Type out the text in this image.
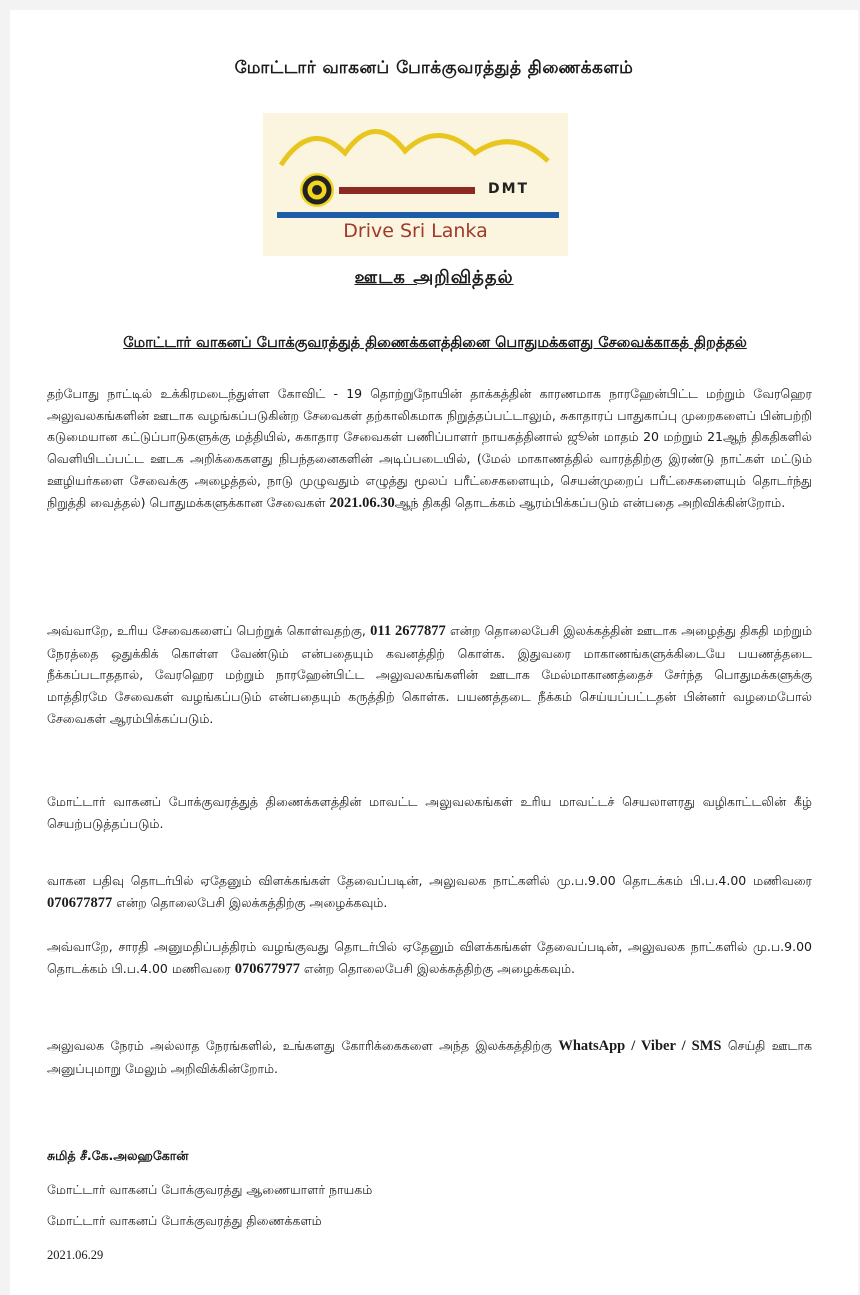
மோட்டார் வாகனப் போக்குவரத்துத் திணைக்களம்
DMT
Drive Sri Lanka
ஊடக அறிவித்தல்
மோட்டார் வாகனப் போக்குவரத்துத் திணைக்களத்தினை பொதுமக்களது சேவைக்காகத் திறத்தல்

தற்போது நாட்டில் உக்கிரமடைந்துள்ள கோவிட் - 19 தொற்றுநோயின் தாக்கத்தின் காரணமாக நாரஹேன்பிட்ட மற்றும் வேரஹெர அலுவலகங்களின் ஊடாக வழங்கப்படுகின்ற சேவைகள் தற்காலிகமாக நிறுத்தப்பட்டாலும், சுகாதாரப் பாதுகாப்பு முறைகளைப் பின்பற்றி கடுமையான கட்டுப்பாடுகளுக்கு மத்தியில், சுகாதார சேவைகள் பணிப்பாளர் நாயகத்தினால் ஜூன் மாதம் 20 மற்றும் 21ஆந் திகதிகளில் வெளியிடப்பட்ட ஊடக அறிக்கைகளது நிபந்தனைகளின் அடிப்படையில், (மேல் மாகாணத்தில் வாரத்திற்கு இரண்டு நாட்கள் மட்டும் ஊழியர்களை சேவைக்கு அழைத்தல், நாடு முழுவதும் எழுத்து மூலப் பரீட்சைகளையும், செயன்முறைப் பரீட்சைகளையும் தொடர்ந்து நிறுத்தி வைத்தல்) பொதுமக்களுக்கான சேவைகள் 2021.06.30ஆந் திகதி தொடக்கம் ஆரம்பிக்கப்படும் என்பதை அறிவிக்கின்றோம்.

அவ்வாறே, உரிய சேவைகளைப் பெற்றுக் கொள்வதற்கு, 011 2677877 என்ற தொலைபேசி இலக்கத்தின் ஊடாக அழைத்து திகதி மற்றும் நேரத்தை ஒதுக்கிக் கொள்ள வேண்டும் என்பதையும் கவனத்திற் கொள்க. இதுவரை மாகாணங்களுக்கிடையே பயணத்தடை நீக்கப்படாததால், வேரஹெர மற்றும் நாரஹேன்பிட்ட அலுவலகங்களின் ஊடாக மேல்மாகாணத்தைச் சேர்ந்த பொதுமக்களுக்கு மாத்திரமே சேவைகள் வழங்கப்படும் என்பதையும் கருத்திற் கொள்க. பயணத்தடை நீக்கம் செய்யப்பட்டதன் பின்னர் வழமைபோல் சேவைகள் ஆரம்பிக்கப்படும்.

மோட்டார் வாகனப் போக்குவரத்துத் திணைக்களத்தின் மாவட்ட அலுவலகங்கள் உரிய மாவட்டச் செயலாளரது வழிகாட்டலின் கீழ் செயற்படுத்தப்படும்.

வாகன பதிவு தொடர்பில் ஏதேனும் விளக்கங்கள் தேவைப்படின், அலுவலக நாட்களில் மு.ப.9.00 தொடக்கம் பி.ப.4.00 மணிவரை 070677877 என்ற தொலைபேசி இலக்கத்திற்கு அழைக்கவும்.

அவ்வாறே, சாரதி அனுமதிப்பத்திரம் வழங்குவது தொடர்பில் ஏதேனும் விளக்கங்கள் தேவைப்படின், அலுவலக நாட்களில் மு.ப.9.00 தொடக்கம் பி.ப.4.00 மணிவரை 070677977 என்ற தொலைபேசி இலக்கத்திற்கு அழைக்கவும்.

அலுவலக நேரம் அல்லாத நேரங்களில், உங்களது கோரிக்கைகளை அந்த இலக்கத்திற்கு WhatsApp / Viber / SMS செய்தி ஊடாக அனுப்புமாறு மேலும் அறிவிக்கின்றோம்.

சுமித் சீ.கே.அலஹகோன்
மோட்டார் வாகனப் போக்குவரத்து ஆணையாளர் நாயகம்
மோட்டார் வாகனப் போக்குவரத்து திணைக்களம்
2021.06.29
